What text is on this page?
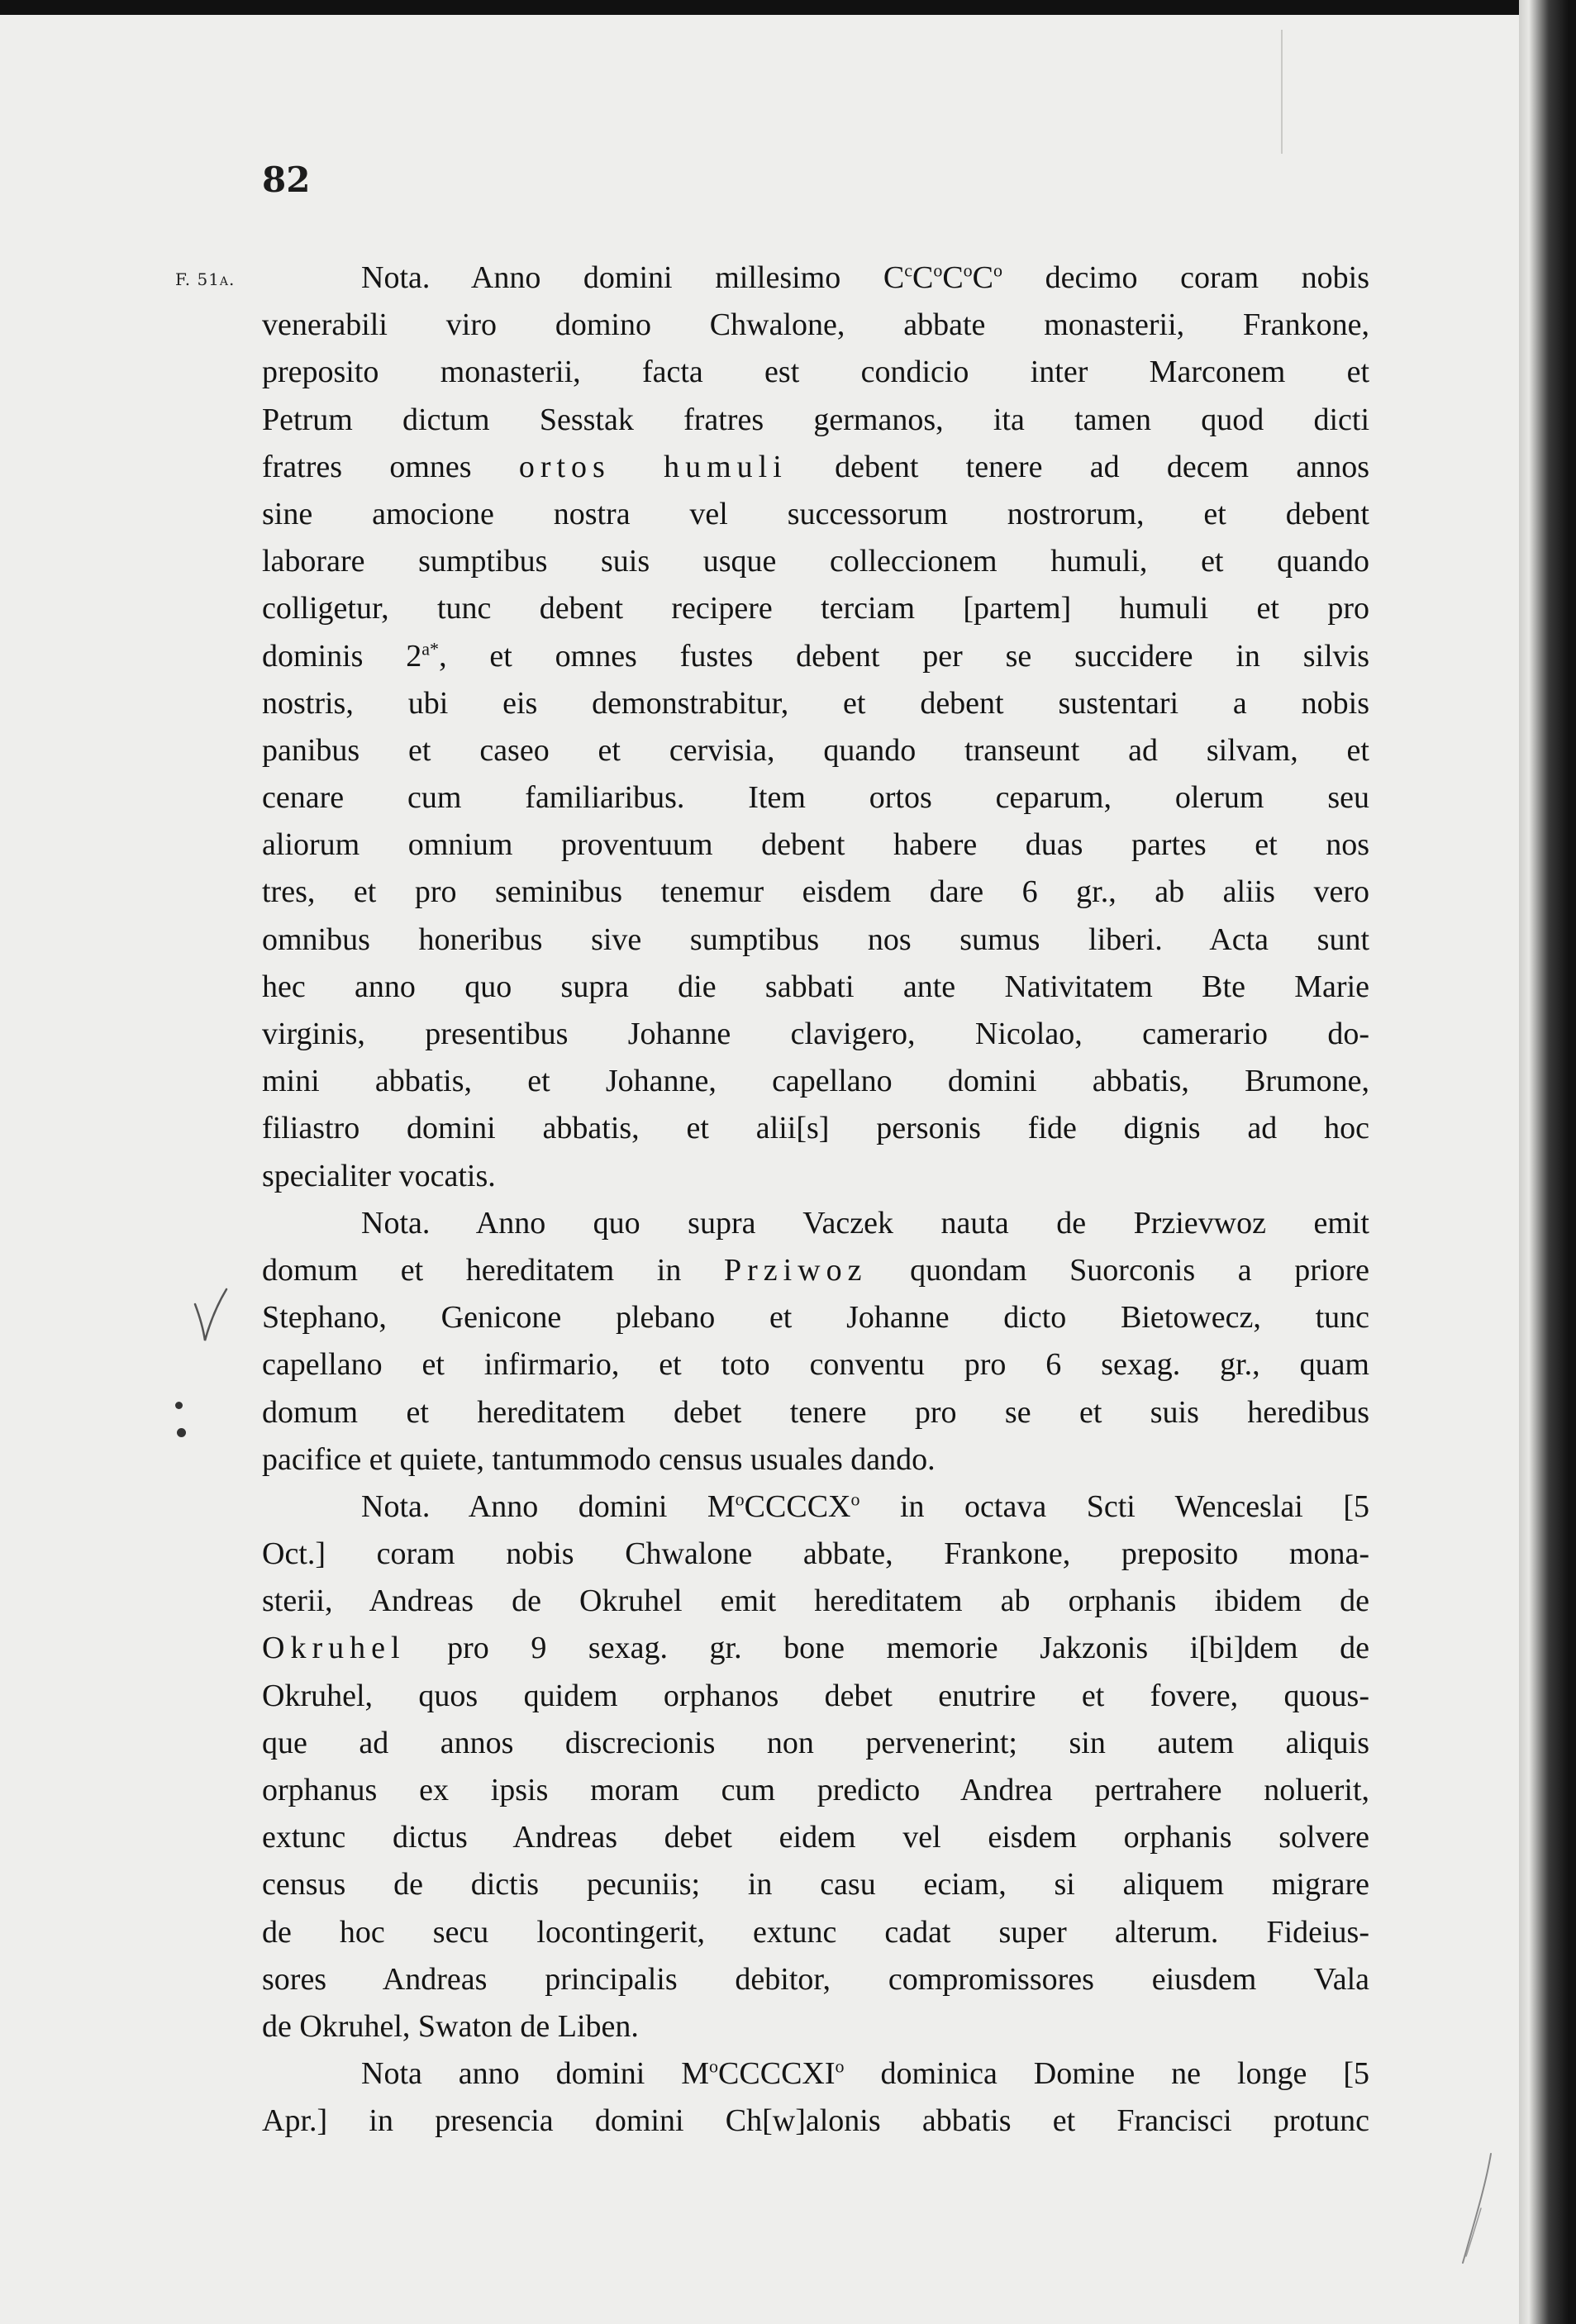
82
F. 51a.	Nota. Anno domini millesimo $C^cC^oC^oC^o$ decimo coram nobis
venerabili viro domino Chwalone, abbate monasterii, Frankone,
preposito monasterii, facta est condicio inter Marconem et
Petrum dictum Sesstak fratres germanos, ita tamen quod dicti
fratres omnes ortos humuli debent tenere ad decem annos
sine amocione nostra vel successorum nostrorum, et debent
laborare sumptibus suis usque colleccionem humuli, et quando
colligetur, tunc debent recipere terciam [partem] humuli et pro
dominis $2^{a*}$, et omnes fustes debent per se succidere in silvis
nostris, ubi eis demonstrabitur, et debent sustentari a nobis
panibus et caseo et cervisia, quando transeunt ad silvam, et
cenare cum familiaribus. Item ortos ceparum, olerum seu
aliorum omnium proventuum debent habere duas partes et nos
tres, et pro seminibus tenemur eisdem dare 6 gr., ab aliis vero
omnibus honeribus sive sumptibus nos sumus liberi. Acta sunt
hec anno quo supra die sabbati ante Nativitatem Bte Marie
virginis, presentibus Johanne clavigero, Nicolao, camerario do-
mini abbatis, et Johanne, capellano domini abbatis, Brumone,
filiastro domini abbatis, et alii[s] personis fide dignis ad hoc
specialiter vocatis.
Nota. Anno quo supra Vaczek nauta de Przievwoz emit
domum et hereditatem in Prziwoz quondam Suorconis a priore
Stephano, Genicone plebano et Johanne dicto Bietowecz, tunc
capellano et infirmario, et toto conventu pro 6 sexag. gr., quam
domum et hereditatem debet tenere pro se et suis heredibus
pacifice et quiete, tantummodo census usuales dando.
Nota. Anno domini $M^oCCCCX^o$ in octava Scti Wenceslai [5
Oct.] coram nobis Chwalone abbate, Frankone, preposito mona-
sterii, Andreas de Okruhel emit hereditatem ab orphanis ibidem de
Okruhel pro 9 sexag. gr. bone memorie Jakzonis i[bi]dem de
Okruhel, quos quidem orphanos debet enutrire et fovere, quous-
que ad annos discrecionis non pervenerint; sin autem aliquis
orphanus ex ipsis moram cum predicto Andrea pertrahere noluerit,
extunc dictus Andreas debet eidem vel eisdem orphanis solvere
census de dictis pecuniis; in casu eciam, si aliquem migrare
de hoc secu locontingerit, extunc cadat super alterum. Fideius-
sores Andreas principalis debitor, compromissores eiusdem Vala
de Okruhel, Swaton de Liben.
Nota anno domini $M^oCCCCXI^o$ dominica Domine ne longe [5
Apr.] in presencia domini Ch[w]alonis abbatis et Francisci protunc
